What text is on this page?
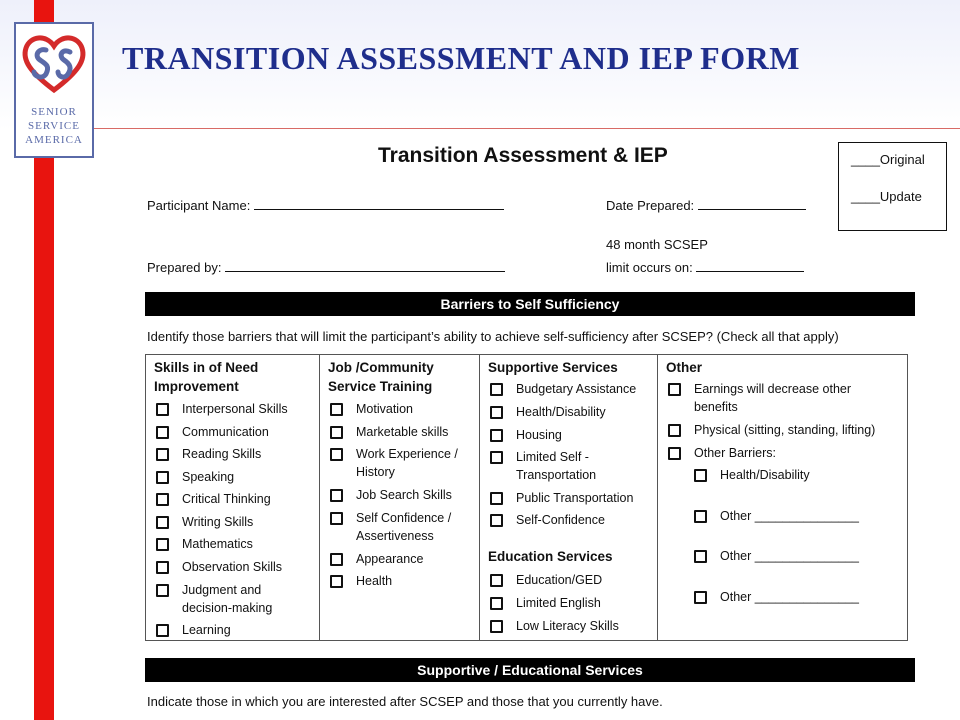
SENIOR
SERVICE
AMERICA
TRANSITION ASSESSMENT AND IEP FORM
Transition Assessment & IEP	____Original
____Update
Participant Name:	Date Prepared:
Prepared by:
48 month SCSEP
limit occurs on:
Barriers to Self Sufficiency
Identify those barriers that will limit the participant’s ability to achieve self-sufficiency after SCSEP? (Check all that apply)
Skills in of Need
Improvement
Interpersonal Skills
Communication
Reading Skills
Speaking
Critical Thinking
Writing Skills
Mathematics
Observation Skills
Judgment and
decision-making
Learning
Job /Community
Service Training
Motivation
Marketable skills
Work Experience /
History
Job Search Skills
Self Confidence /
Assertiveness
Appearance
Health
Supportive Services
Budgetary Assistance
Health/Disability
Housing
Limited Self -
Transportation
Public Transportation
Self-Confidence
Education Services
Education/GED
Limited English
Low Literacy Skills
Other
Earnings will decrease other
benefits
Physical (sitting, standing, lifting)
Other Barriers:
Health/Disability
Other _______________
Other _______________
Other _______________
Supportive / Educational Services
Indicate those in which you are interested after SCSEP and those that you currently have.
